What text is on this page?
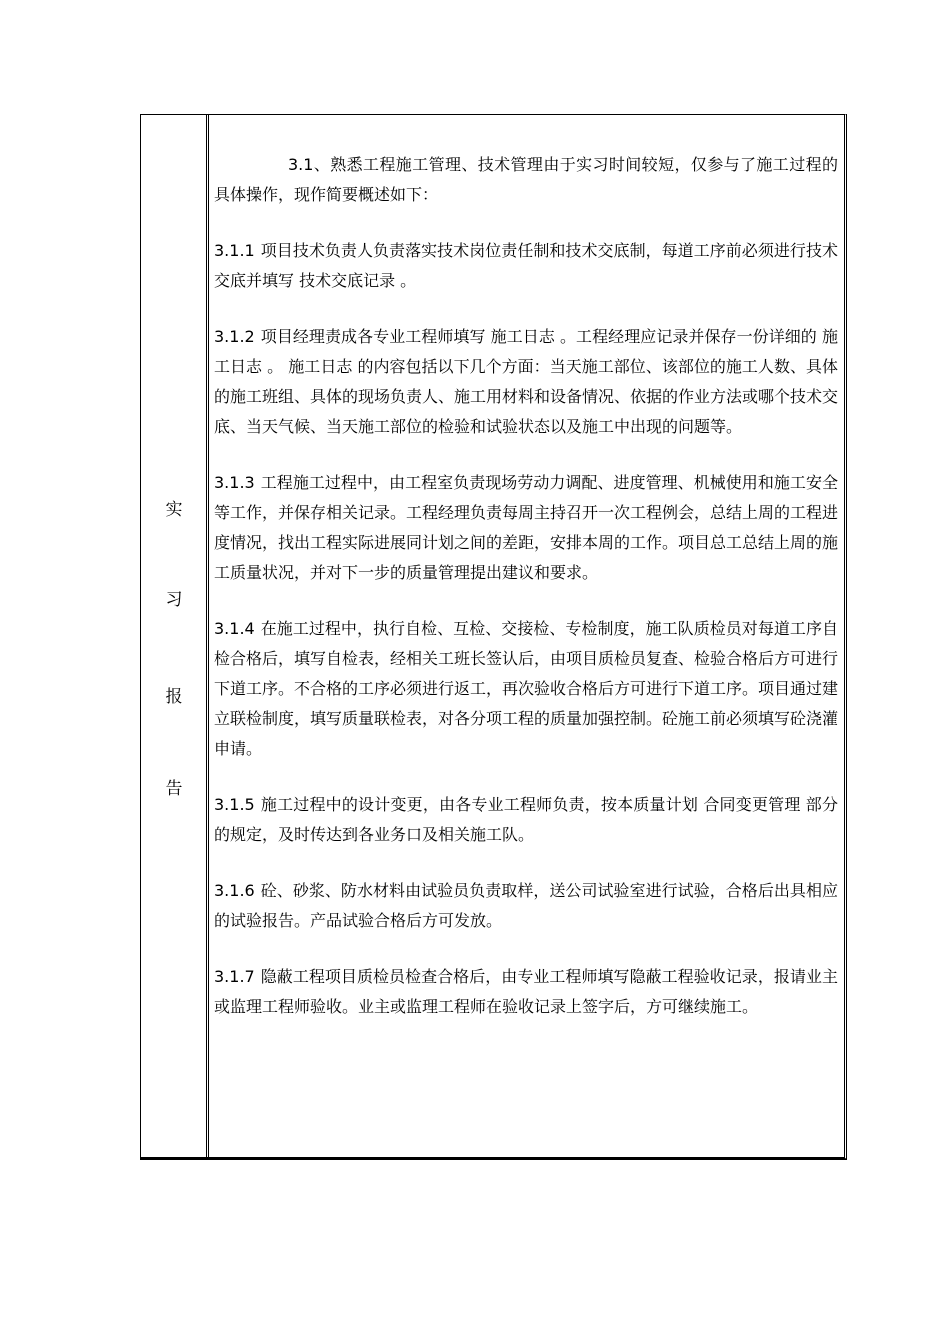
实
习
报
告

3.1、熟悉工程施工管理、技术管理由于实习时间较短，仅参与了施工过程的具体操作，现作简要概述如下：

3.1.1 项目技术负责人负责落实技术岗位责任制和技术交底制，每道工序前必须进行技术交底并填写 技术交底记录 。

3.1.2 项目经理责成各专业工程师填写 施工日志 。工程经理应记录并保存一份详细的 施工日志 。 施工日志 的内容包括以下几个方面：当天施工部位、该部位的施工人数、具体的施工班组、具体的现场负责人、施工用材料和设备情况、依据的作业方法或哪个技术交底、当天气候、当天施工部位的检验和试验状态以及施工中出现的问题等。

3.1.3 工程施工过程中，由工程室负责现场劳动力调配、进度管理、机械使用和施工安全等工作，并保存相关记录。工程经理负责每周主持召开一次工程例会，总结上周的工程进度情况，找出工程实际进展同计划之间的差距，安排本周的工作。项目总工总结上周的施工质量状况，并对下一步的质量管理提出建议和要求。

3.1.4 在施工过程中，执行自检、互检、交接检、专检制度，施工队质检员对每道工序自检合格后，填写自检表，经相关工班长签认后，由项目质检员复查、检验合格后方可进行下道工序。不合格的工序必须进行返工，再次验收合格后方可进行下道工序。项目通过建立联检制度，填写质量联检表，对各分项工程的质量加强控制。砼施工前必须填写砼浇灌申请。

3.1.5 施工过程中的设计变更，由各专业工程师负责，按本质量计划 合同变更管理 部分的规定，及时传达到各业务口及相关施工队。

3.1.6 砼、砂浆、防水材料由试验员负责取样，送公司试验室进行试验，合格后出具相应的试验报告。产品试验合格后方可发放。

3.1.7 隐蔽工程项目质检员检查合格后，由专业工程师填写隐蔽工程验收记录，报请业主或监理工程师验收。业主或监理工程师在验收记录上签字后，方可继续施工。
